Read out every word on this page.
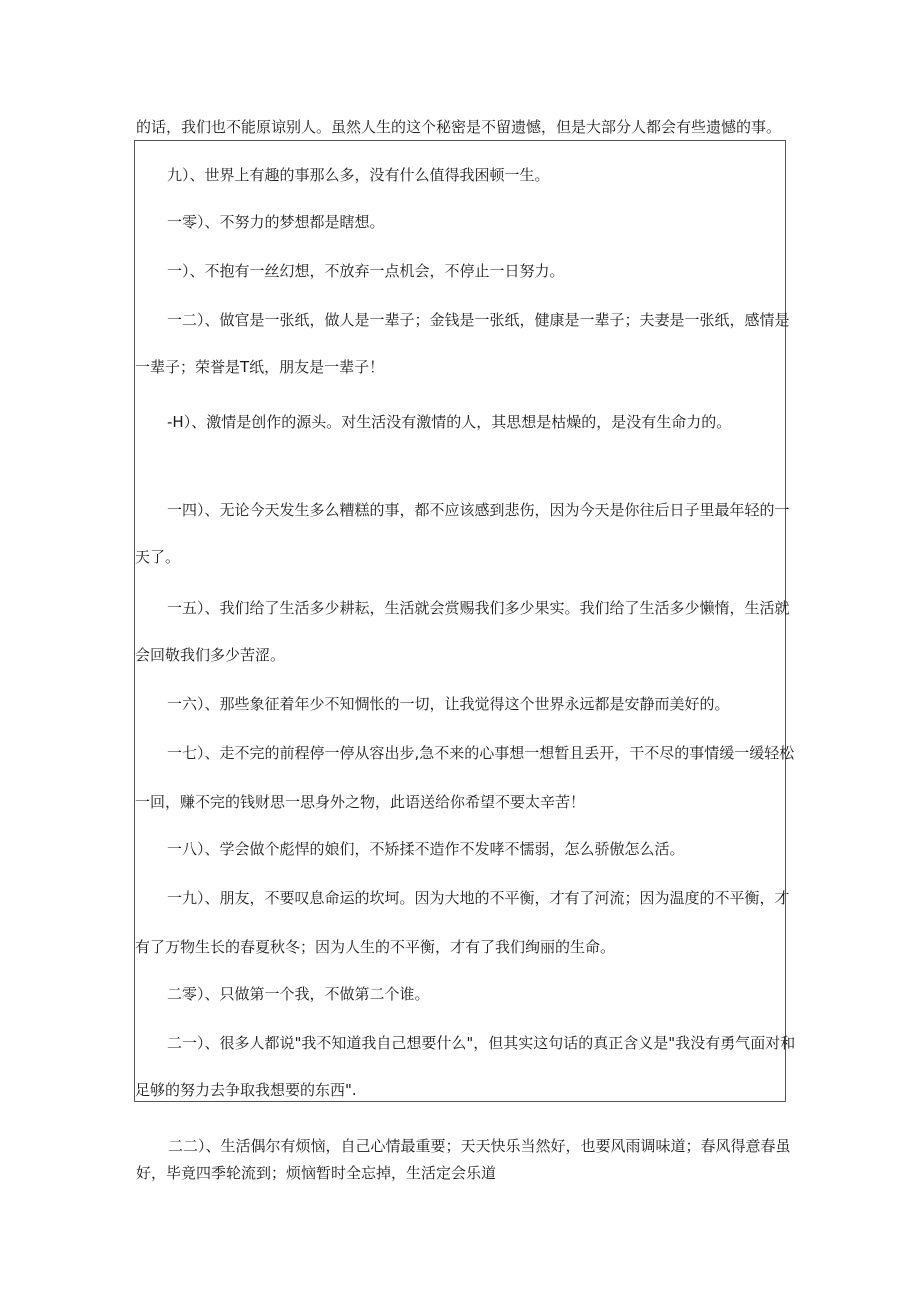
的话，我们也不能原谅别人。虽然人生的这个秘密是不留遗憾，但是大部分人都会有些遗憾的事。
九）、世界上有趣的事那么多，没有什么值得我困顿一生。
一零）、不努力的梦想都是瞎想。
一）、不抱有一丝幻想，不放弃一点机会，不停止一日努力。
一二）、做官是一张纸，做人是一辈子；金钱是一张纸，健康是一辈子；夫妻是一张纸，感情是
一辈子；荣誉是T纸，朋友是一辈子！
-H）、激情是创作的源头。对生活没有激情的人，其思想是枯燥的，是没有生命力的。
一四）、无论今天发生多么糟糕的事，都不应该感到悲伤，因为今天是你往后日子里最年轻的一
天了。
一五）、我们给了生活多少耕耘，生活就会赏赐我们多少果实。我们给了生活多少懒惰，生活就
会回敬我们多少苦涩。
一六）、那些象征着年少不知惆怅的一切，让我觉得这个世界永远都是安静而美好的。
一七）、走不完的前程停一停从容出步,急不来的心事想一想暂且丢开，干不尽的事情缓一缓轻松
一回，赚不完的钱财思一思身外之物，此语送给你希望不要太辛苦！
一八）、学会做个彪悍的娘们，不矫揉不造作不发哮不懦弱，怎么骄傲怎么活。
一九）、朋友，不要叹息命运的坎坷。因为大地的不平衡，才有了河流；因为温度的不平衡，才
有了万物生长的春夏秋冬；因为人生的不平衡，才有了我们绚丽的生命。
二零）、只做第一个我，不做第二个谁。
二一）、很多人都说"我不知道我自己想要什么"，但其实这句话的真正含义是"我没有勇气面对和
足够的努力去争取我想要的东西".
二二）、生活偶尔有烦恼，自己心情最重要；天天快乐当然好，也要风雨调味道；春风得意春虽
好，毕竟四季轮流到；烦恼暂时全忘掉，生活定会乐道
